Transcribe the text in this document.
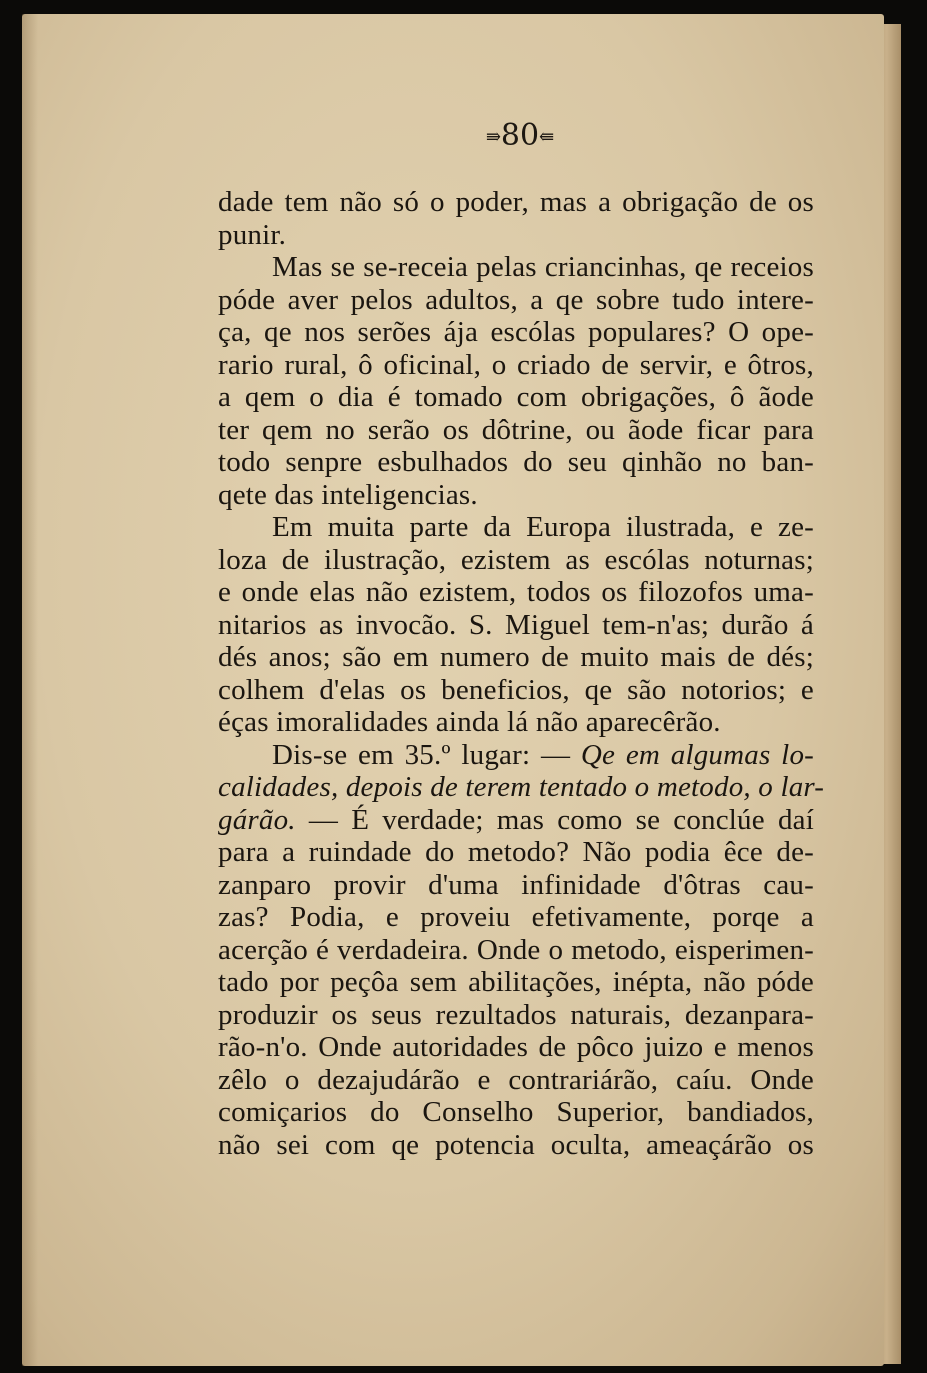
⇛80⇚
dade tem não só o poder, mas a obrigação de os
punir.
Mas se se-receia pelas criancinhas, qe receios
póde aver pelos adultos, a qe sobre tudo intere-
ça, qe nos serões ája escólas populares? O ope-
rario rural, ô oficinal, o criado de servir, e ôtros,
a qem o dia é tomado com obrigações, ô ãode
ter qem no serão os dôtrine, ou ãode ficar para
todo senpre esbulhados do seu qinhão no ban-
qete das inteligencias.
Em muita parte da Europa ilustrada, e ze-
loza de ilustração, ezistem as escólas noturnas;
e onde elas não ezistem, todos os filozofos uma-
nitarios as invocão. S. Miguel tem-n'as; durão á
dés anos; são em numero de muito mais de dés;
colhem d'elas os beneficios, qe são notorios; e
éças imoralidades ainda lá não aparecêrão.
Dis-se em 35.º lugar: — Qe em algumas lo-
calidades, depois de terem tentado o metodo, o lar-
gárão. — É verdade; mas como se conclúe daí
para a ruindade do metodo? Não podia êce de-
zanparo provir d'uma infinidade d'ôtras cau-
zas? Podia, e proveiu efetivamente, porqe a
acerção é verdadeira. Onde o metodo, eisperimen-
tado por peçôa sem abilitações, inépta, não póde
produzir os seus rezultados naturais, dezanpara-
rão-n'o. Onde autoridades de pôco juizo e menos
zêlo o dezajudárão e contrariárão, caíu. Onde
comiçarios do Conselho Superior, bandiados,
não sei com qe potencia oculta, ameaçárão os
